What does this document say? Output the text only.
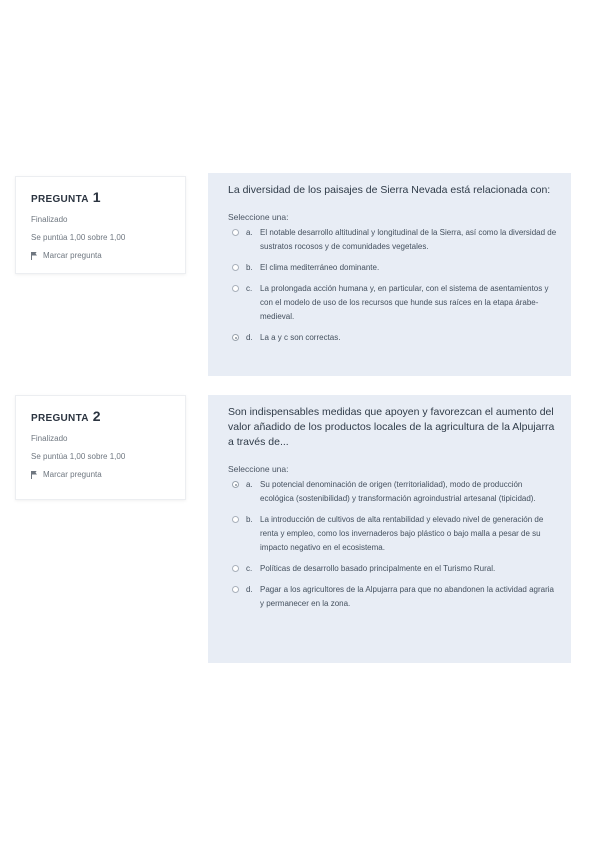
PREGUNTA 1
Finalizado
Se puntúa 1,00 sobre 1,00
Marcar pregunta
La diversidad de los paisajes de Sierra Nevada está relacionada con:
Seleccione una:
a. El notable desarrollo altitudinal y longitudinal de la Sierra, así como la diversidad de sustratos rocosos y de comunidades vegetales.
b. El clima mediterráneo dominante.
c. La prolongada acción humana y, en particular, con el sistema de asentamientos y con el modelo de uso de los recursos que hunde sus raíces en la etapa árabe-medieval.
d. La a y c son correctas.
PREGUNTA 2
Finalizado
Se puntúa 1,00 sobre 1,00
Marcar pregunta
Son indispensables medidas que apoyen y favorezcan el aumento del valor añadido de los productos locales de la agricultura de la Alpujarra a través de...
Seleccione una:
a. Su potencial denominación de origen (territorialidad), modo de producción ecológica (sostenibilidad) y transformación agroindustrial artesanal (tipicidad).
b. La introducción de cultivos de alta rentabilidad y elevado nivel de generación de renta y empleo, como los invernaderos bajo plástico o bajo malla a pesar de su impacto negativo en el ecosistema.
c. Políticas de desarrollo basado principalmente en el Turismo Rural.
d. Pagar a los agricultores de la Alpujarra para que no abandonen la actividad agraria y permanecer en la zona.
